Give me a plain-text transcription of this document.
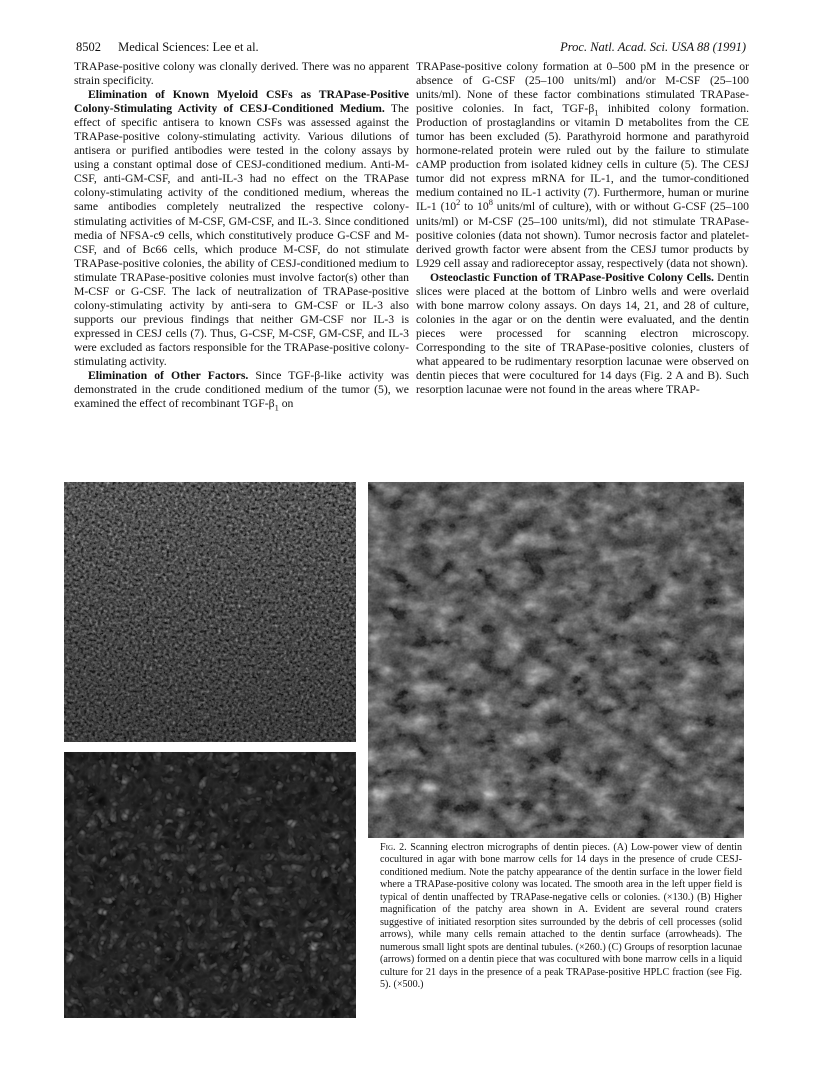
8502 Medical Sciences: Lee et al.	Proc. Natl. Acad. Sci. USA 88 (1991)

TRAPase-positive colony was clonally derived. There was no apparent strain specificity.

Elimination of Known Myeloid CSFs as TRAPase-Positive Colony-Stimulating Activity of CESJ-Conditioned Medium. The effect of specific antisera to known CSFs was assessed against the TRAPase-positive colony-stimulating activity. Various dilutions of antisera or purified antibodies were tested in the colony assays by using a constant optimal dose of CESJ-conditioned medium. Anti-M-CSF, anti-GM-CSF, and anti-IL-3 had no effect on the TRAPase colony-stimulating activity of the conditioned medium, whereas the same antibodies completely neutralized the respective colony-stimulating activities of M-CSF, GM-CSF, and IL-3. Since conditioned media of NFSA-c9 cells, which constitutively produce G-CSF and M-CSF, and of Bc66 cells, which produce M-CSF, do not stimulate TRAPase-positive colonies, the ability of CESJ-conditioned medium to stimulate TRAPase-positive colonies must involve factor(s) other than M-CSF or G-CSF. The lack of neutralization of TRAPase-positive colony-stimulating activity by anti-sera to GM-CSF or IL-3 also supports our previous findings that neither GM-CSF nor IL-3 is expressed in CESJ cells (7). Thus, G-CSF, M-CSF, GM-CSF, and IL-3 were excluded as factors responsible for the TRAPase-positive colony-stimulating activity.

Elimination of Other Factors. Since TGF-β-like activity was demonstrated in the crude conditioned medium of the tumor (5), we examined the effect of recombinant TGF-$\beta_1$ on

TRAPase-positive colony formation at 0–500 pM in the presence or absence of G-CSF (25–100 units/ml) and/or M-CSF (25–100 units/ml). None of these factor combinations stimulated TRAPase-positive colonies. In fact, TGF-$\beta_1$ inhibited colony formation. Production of prostaglandins or vitamin D metabolites from the CE tumor has been excluded (5). Parathyroid hormone and parathyroid hormone-related protein were ruled out by the failure to stimulate cAMP production from isolated kidney cells in culture (5). The CESJ tumor did not express mRNA for IL-1, and the tumor-conditioned medium contained no IL-1 activity (7). Furthermore, human or murine IL-1 ($10^2$ to $10^8$ units/ml of culture), with or without G-CSF (25–100 units/ml) or M-CSF (25–100 units/ml), did not stimulate TRAPase-positive colonies (data not shown). Tumor necrosis factor and platelet-derived growth factor were absent from the CESJ tumor products by L929 cell assay and radioreceptor assay, respectively (data not shown).

Osteoclastic Function of TRAPase-Positive Colony Cells. Dentin slices were placed at the bottom of Linbro wells and were overlaid with bone marrow colony assays. On days 14, 21, and 28 of culture, colonies in the agar or on the dentin were evaluated, and the dentin pieces were processed for scanning electron microscopy. Corresponding to the site of TRAPase-positive colonies, clusters of what appeared to be rudimentary resorption lacunae were observed on dentin pieces that were cocultured for 14 days (Fig. 2 A and B). Such resorption lacunae were not found in the areas where TRAP-

Fig. 2. Scanning electron micrographs of dentin pieces. (A) Low-power view of dentin cocultured in agar with bone marrow cells for 14 days in the presence of crude CESJ-conditioned medium. Note the patchy appearance of the dentin surface in the lower field where a TRAPase-positive colony was located. The smooth area in the left upper field is typical of dentin unaffected by TRAPase-negative cells or colonies. (×130.) (B) Higher magnification of the patchy area shown in A. Evident are several round craters suggestive of initiated resorption sites surrounded by the debris of cell processes (solid arrows), while many cells remain attached to the dentin surface (arrowheads). The numerous small light spots are dentinal tubules. (×260.) (C) Groups of resorption lacunae (arrows) formed on a dentin piece that was cocultured with bone marrow cells in a liquid culture for 21 days in the presence of a peak TRAPase-positive HPLC fraction (see Fig. 5). (×500.)
